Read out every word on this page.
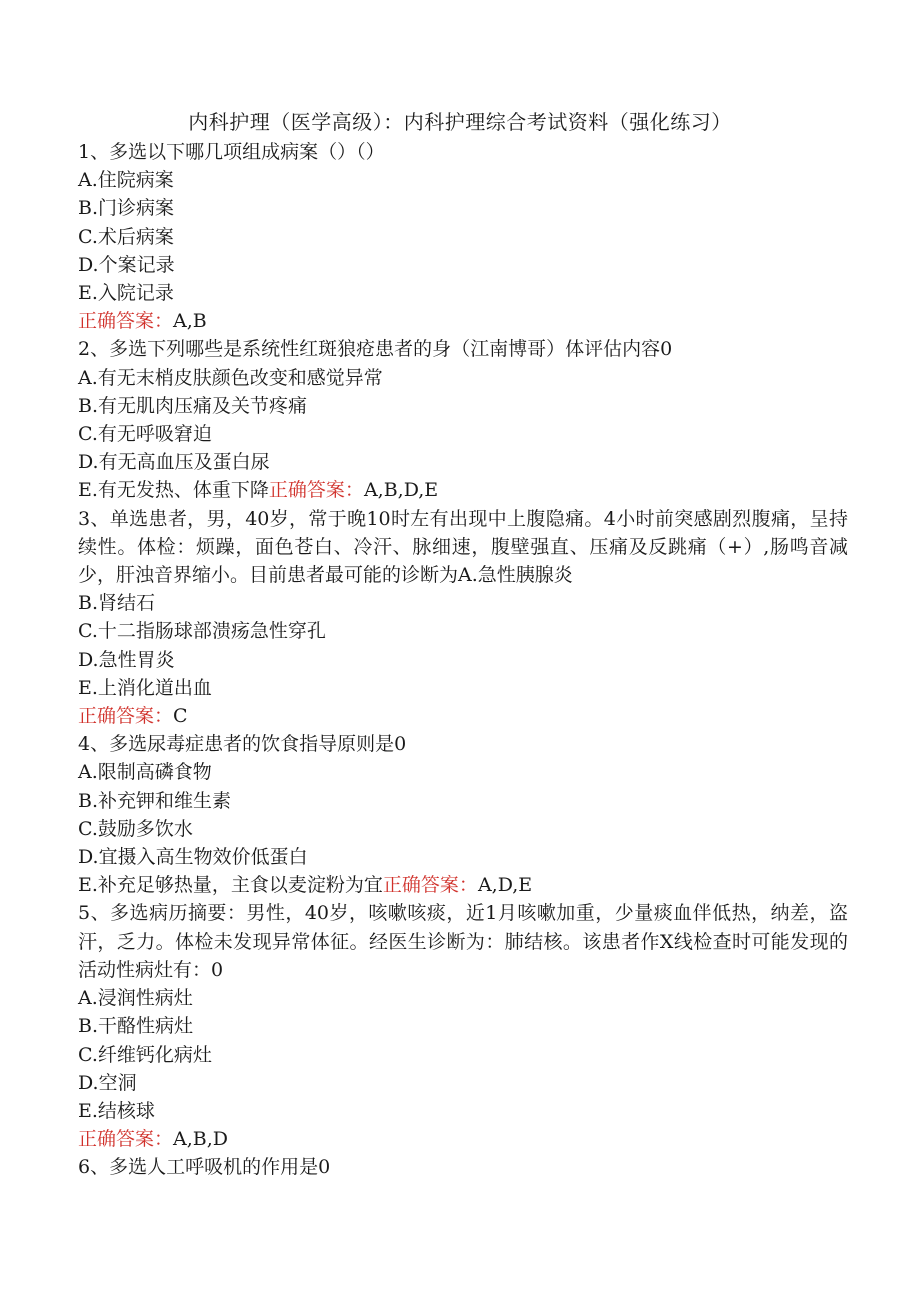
内科护理（医学高级）：内科护理综合考试资料（强化练习）
1、多选以下哪几项组成病案（）（）
A.住院病案
B.门诊病案
C.术后病案
D.个案记录
E.入院记录
正确答案：A,B
2、多选下列哪些是系统性红斑狼疮患者的身（江南博哥）体评估内容0
A.有无末梢皮肤颜色改变和感觉异常
B.有无肌肉压痛及关节疼痛
C.有无呼吸窘迫
D.有无高血压及蛋白尿
E.有无发热、体重下降正确答案：A,B,D,E
3、单选患者，男，40岁，常于晚10时左有出现中上腹隐痛。4小时前突感剧烈腹痛，呈持续性。体检：烦躁，面色苍白、冷汗、脉细速，腹壁强直、压痛及反跳痛（+）,肠鸣音减少，肝浊音界缩小。目前患者最可能的诊断为A.急性胰腺炎
B.肾结石
C.十二指肠球部溃疡急性穿孔
D.急性胃炎
E.上消化道出血
正确答案：C
4、多选尿毒症患者的饮食指导原则是0
A.限制高磷食物
B.补充钾和维生素
C.鼓励多饮水
D.宜摄入高生物效价低蛋白
E.补充足够热量，主食以麦淀粉为宜正确答案：A,D,E
5、多选病历摘要：男性，40岁，咳嗽咳痰，近1月咳嗽加重，少量痰血伴低热，纳差，盗汗，乏力。体检未发现异常体征。经医生诊断为：肺结核。该患者作X线检查时可能发现的活动性病灶有：0
A.浸润性病灶
B.干酪性病灶
C.纤维钙化病灶
D.空洞
E.结核球
正确答案：A,B,D
6、多选人工呼吸机的作用是0
